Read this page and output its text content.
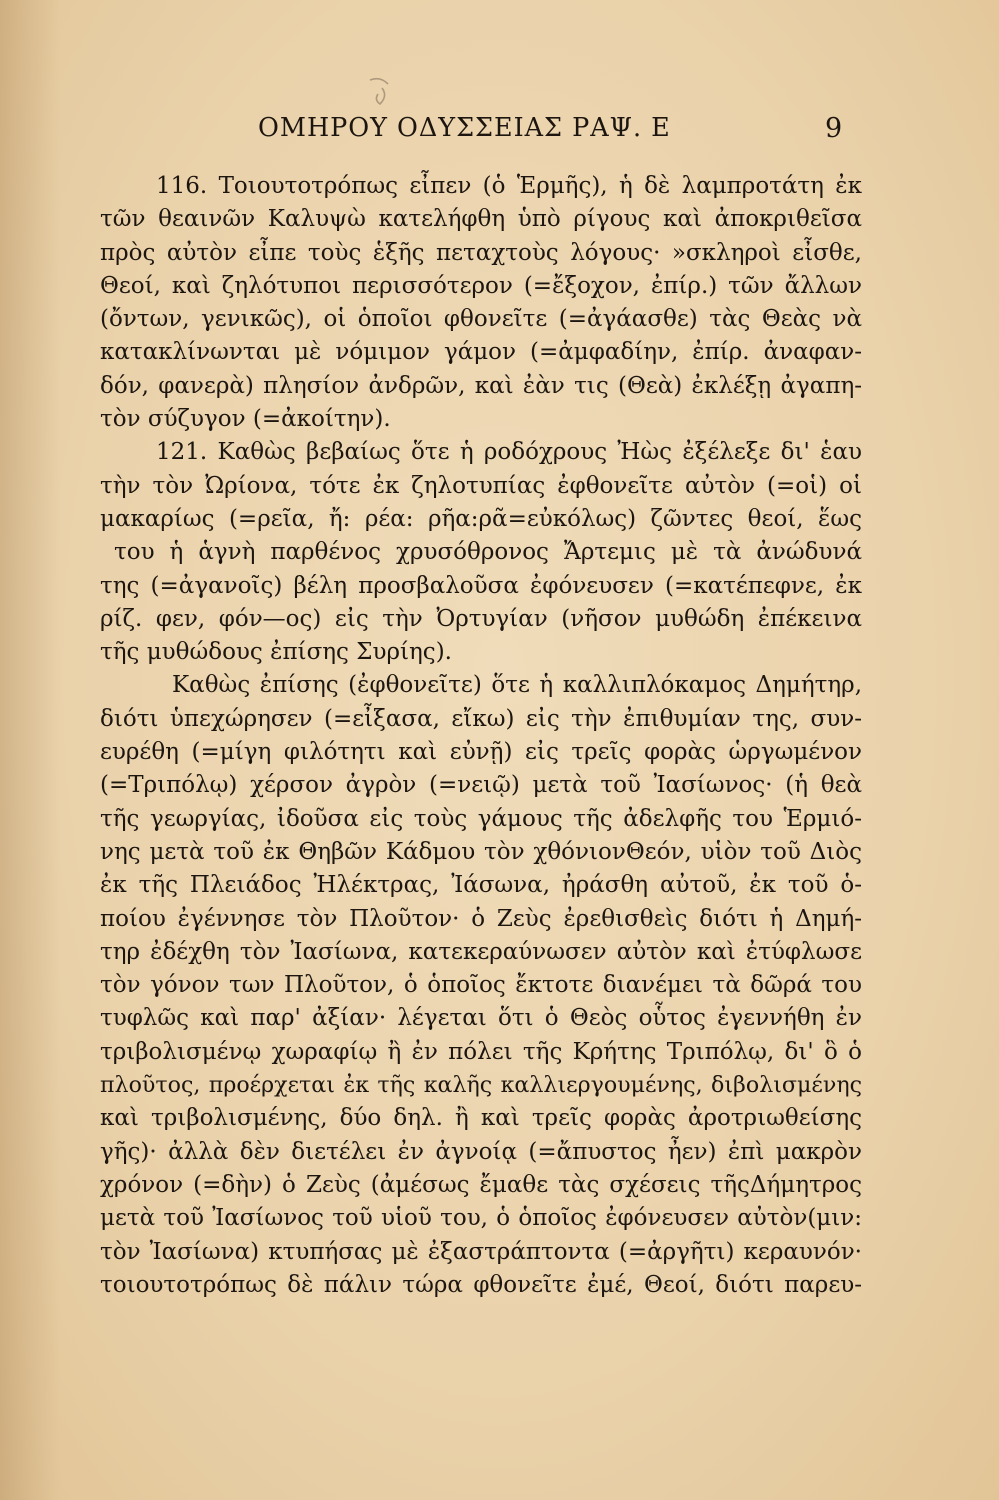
ΟΜΗΡΟΥ ΟΔΥΣΣΕΙΑΣ ΡΑΨ. Ε	9
116. Τοιουτοτρόπως εἶπεν (ὁ Ἑρμῆς), ἡ δὲ λαμπροτάτη ἐκ
τῶν θεαινῶν Καλυψὼ κατελήφθη ὑπὸ ρίγους καὶ ἀποκριθεῖσα
πρὸς αὐτὸν εἶπε τοὺς ἑξῆς πεταχτοὺς λόγους· »σκληροὶ εἶσθε,
Θεοί, καὶ ζηλότυποι περισσότερον (=ἔξοχον, ἐπίρ.) τῶν ἄλλων
(ὄντων, γενικῶς), οἱ ὁποῖοι φθονεῖτε (=ἀγάασθε) τὰς Θεὰς νὰ
κατακλίνωνται μὲ νόμιμον γάμον (=ἀμφαδίην, ἐπίρ. ἀναφαν-
δόν, φανερὰ) πλησίον ἀνδρῶν, καὶ ἐὰν τις (Θεὰ) ἐκλέξῃ ἀγαπη-
τὸν σύζυγον (=ἀκοίτην).
121. Καθὼς βεβαίως ὅτε ἡ ροδόχρους Ἠὼς ἐξέλεξε δι' ἑαυ
τὴν τὸν Ὠρίονα, τότε ἐκ ζηλοτυπίας ἐφθονεῖτε αὐτὸν (=οἱ) οἱ
μακαρίως (=ρεῖα, ἤ: ρέα: ρῆα:ρᾶ=εὐκόλως) ζῶντες θεοί, ἕως
του ἡ ἁγνὴ παρθένος χρυσόθρονος Ἄρτεμις μὲ τὰ ἀνώδυνά
της (=ἀγανοῖς) βέλη προσβαλοῦσα ἐφόνευσεν (=κατέπεφνε, ἐκ
ρίζ. φεν, φόν—ος) εἰς τὴν Ὀρτυγίαν (νῆσον μυθώδη ἐπέκεινα
τῆς μυθώδους ἐπίσης Συρίης).
Καθὼς ἐπίσης (ἐφθονεῖτε) ὅτε ἡ καλλιπλόκαμος Δημήτηρ,
διότι ὑπεχώρησεν (=εἶξασα, εἴκω) εἰς τὴν ἐπιθυμίαν της, συν-
ευρέθη (=μίγη φιλότητι καὶ εὐνῇ) εἰς τρεῖς φορὰς ὡργωμένον
(=Τριπόλῳ) χέρσον ἀγρὸν (=νειῷ) μετὰ τοῦ Ἰασίωνος· (ἡ θεὰ
τῆς γεωργίας, ἰδοῦσα εἰς τοὺς γάμους τῆς ἀδελφῆς του Ἑρμιό-
νης μετὰ τοῦ ἐκ Θηβῶν Κάδμου τὸν χθόνιονΘεόν, υἱὸν τοῦ Διὸς
ἐκ τῆς Πλειάδος Ἠλέκτρας, Ἰάσωνα, ἠράσθη αὐτοῦ, ἐκ τοῦ ὁ-
ποίου ἐγέννησε τὸν Πλοῦτον· ὁ Ζεὺς ἐρεθισθεὶς διότι ἡ Δημή-
τηρ ἐδέχθη τὸν Ἰασίωνα, κατεκεραύνωσεν αὐτὸν καὶ ἐτύφλωσε
τὸν γόνον των Πλοῦτον, ὁ ὁποῖος ἔκτοτε διανέμει τὰ δῶρά του
τυφλῶς καὶ παρ' ἀξίαν· λέγεται ὅτι ὁ Θεὸς οὗτος ἐγεννήθη ἐν
τριβολισμένῳ χωραφίῳ ἢ ἐν πόλει τῆς Κρήτης Τριπόλῳ, δι' ὃ ὁ
πλοῦτος, προέρχεται ἐκ τῆς καλῆς καλλιεργουμένης, διβολισμένης
καὶ τριβολισμένης, δύο δηλ. ἢ καὶ τρεῖς φορὰς ἀροτριωθείσης
γῆς)· ἀλλὰ δὲν διετέλει ἐν ἀγνοίᾳ (=ἄπυστος ἦεν) ἐπὶ μακρὸν
χρόνον (=δὴν) ὁ Ζεὺς (ἀμέσως ἔμαθε τὰς σχέσεις τῆςΔήμητρος
μετὰ τοῦ Ἰασίωνος τοῦ υἱοῦ του, ὁ ὁποῖος ἐφόνευσεν αὐτὸν(μιν:
τὸν Ἰασίωνα) κτυπήσας μὲ ἐξαστράπτοντα (=ἀργῆτι) κεραυνόν·
τοιουτοτρόπως δὲ πάλιν τώρα φθονεῖτε ἐμέ, Θεοί, διότι παρευ-
